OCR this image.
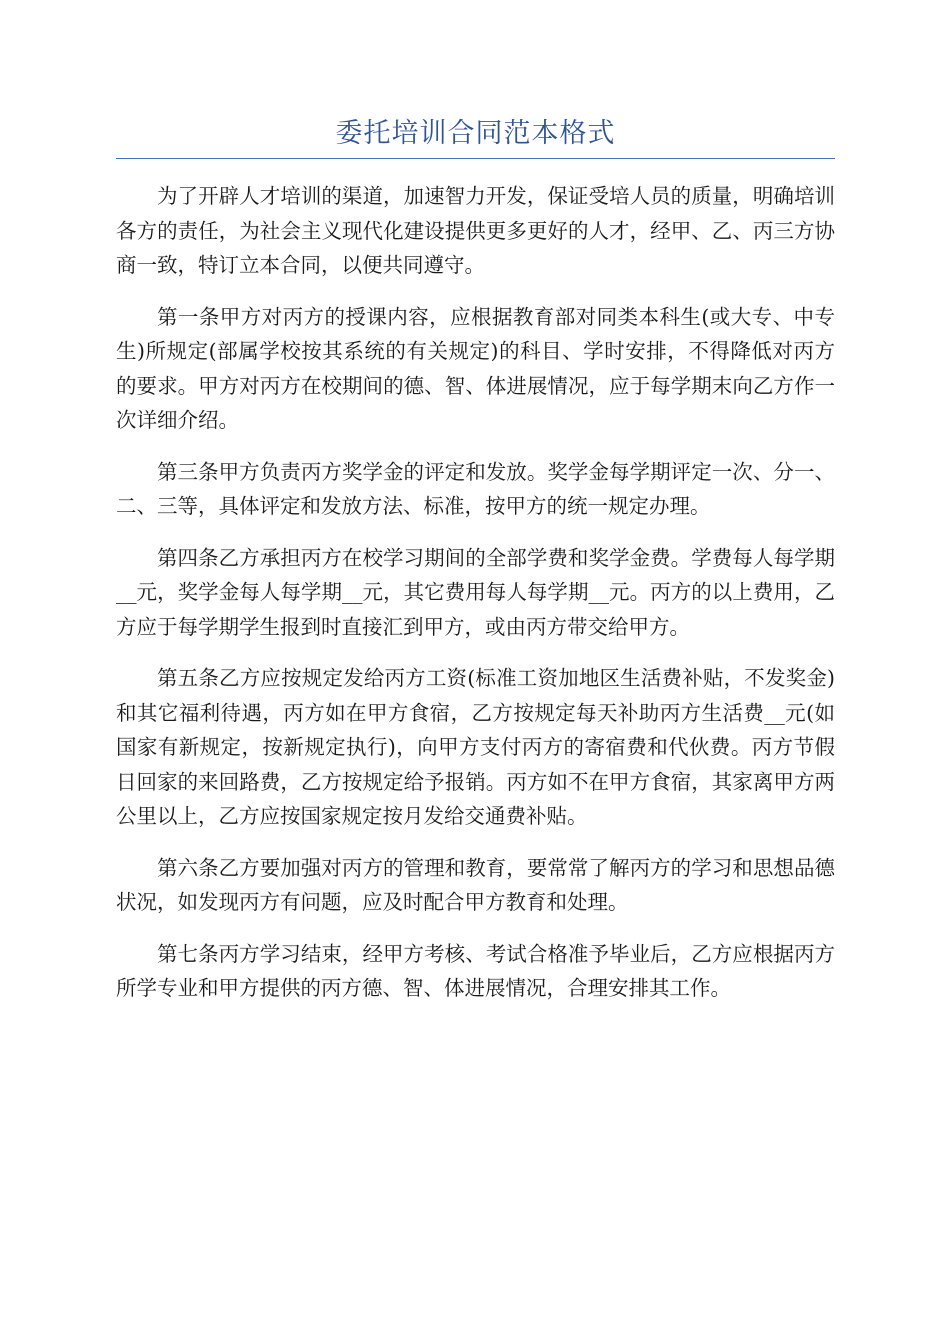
委托培训合同范本格式

为了开辟人才培训的渠道，加速智力开发，保证受培人员的质量，明确培训各方的责任，为社会主义现代化建设提供更多更好的人才，经甲、乙、丙三方协商一致，特订立本合同，以便共同遵守。

第一条甲方对丙方的授课内容，应根据教育部对同类本科生(或大专、中专生)所规定(部属学校按其系统的有关规定)的科目、学时安排，不得降低对丙方的要求。甲方对丙方在校期间的德、智、体进展情况，应于每学期末向乙方作一次详细介绍。

第三条甲方负责丙方奖学金的评定和发放。奖学金每学期评定一次、分一、二、三等，具体评定和发放方法、标准，按甲方的统一规定办理。

第四条乙方承担丙方在校学习期间的全部学费和奖学金费。学费每人每学期__元，奖学金每人每学期__元，其它费用每人每学期__元。丙方的以上费用，乙方应于每学期学生报到时直接汇到甲方，或由丙方带交给甲方。

第五条乙方应按规定发给丙方工资(标准工资加地区生活费补贴，不发奖金)和其它福利待遇，丙方如在甲方食宿，乙方按规定每天补助丙方生活费__元(如国家有新规定，按新规定执行)，向甲方支付丙方的寄宿费和代伙费。丙方节假日回家的来回路费，乙方按规定给予报销。丙方如不在甲方食宿，其家离甲方两公里以上，乙方应按国家规定按月发给交通费补贴。

第六条乙方要加强对丙方的管理和教育，要常常了解丙方的学习和思想品德状况，如发现丙方有问题，应及时配合甲方教育和处理。

第七条丙方学习结束，经甲方考核、考试合格准予毕业后，乙方应根据丙方所学专业和甲方提供的丙方德、智、体进展情况，合理安排其工作。
